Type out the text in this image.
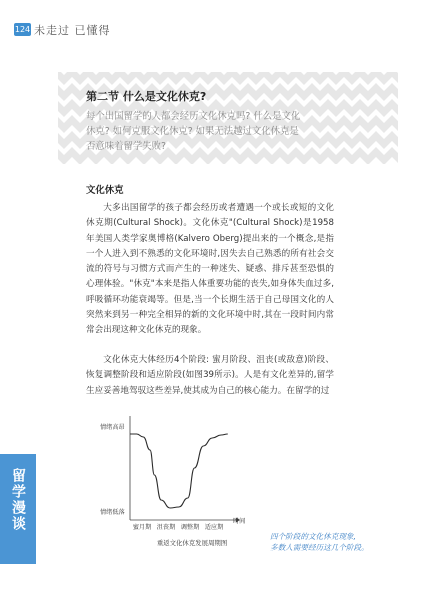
124 未走过 已懂得
留学漫谈
第二节 什么是文化休克?
每个出国留学的人都会经历文化休克吗? 什么是文化休克? 如何克服文化休克? 如果无法越过文化休克是否意味着留学失败?
文化休克

大多出国留学的孩子都会经历或者遭遇一个或长或短的文化休克期(Cultural Shock)。文化休克"(Cultural Shock)是1958年美国人类学家奥博格(Kalvero Oberg)提出来的一个概念,是指一个人进入到不熟悉的文化环境时,因失去自己熟悉的所有社会交流的符号与习惯方式而产生的一种迷失、疑惑、排斥甚至恐惧的心理体验。"休克"本来是指人体重要功能的丧失,如身体失血过多,呼吸循环功能衰竭等。但是,当一个长期生活于自己母国文化的人突然来到另一种完全相异的新的文化环境中时,其在一段时间内常常会出现这种文化休克的现象。

文化休克大体经历4个阶段: 蜜月阶段、沮丧(或敌意)阶段、恢复调整阶段和适应阶段(如图39所示)。人是有文化差异的,留学生应妥善地驾驭这些差异,使其成为自己的核心能力。在留学的过

情绪高昂
情绪低落
时间
蜜月期 沮丧期 调整期 适应期
重返文化休克发展周期图
四个阶段的文化休克现象,
多数人需要经历这几个阶段。
